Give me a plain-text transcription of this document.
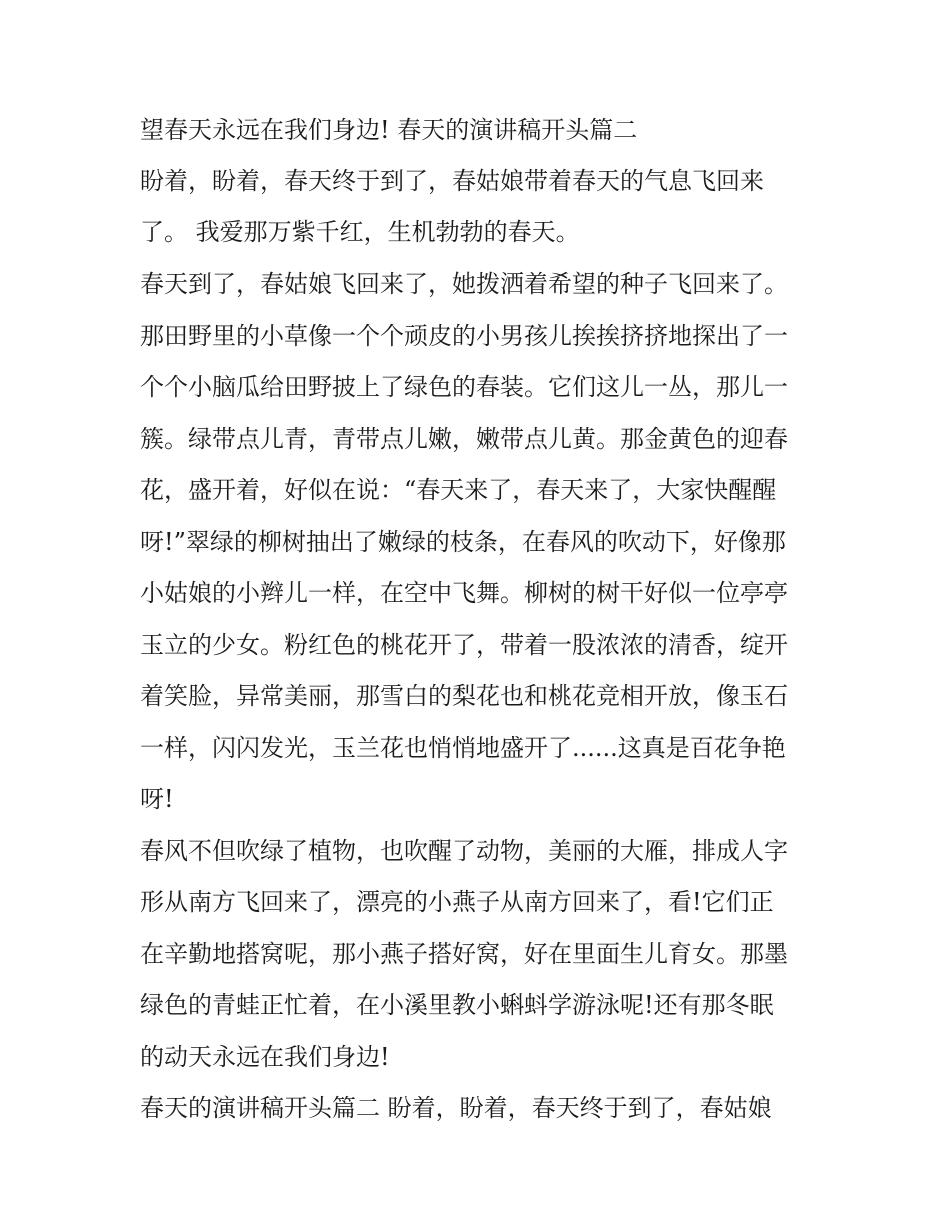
望春天永远在我们身边! 春天的演讲稿开头篇二
盼着，盼着，春天终于到了，春姑娘带着春天的气息飞回来
了。 我爱那万紫千红，生机勃勃的春天。
春天到了，春姑娘飞回来了，她拨洒着希望的种子飞回来了。
那田野里的小草像一个个顽皮的小男孩儿挨挨挤挤地探出了一
个个小脑瓜给田野披上了绿色的春装。它们这儿一丛，那儿一
簇。绿带点儿青，青带点儿嫩，嫩带点儿黄。那金黄色的迎春
花，盛开着，好似在说：“春天来了，春天来了，大家快醒醒
呀!”翠绿的柳树抽出了嫩绿的枝条，在春风的吹动下，好像那
小姑娘的小辫儿一样，在空中飞舞。柳树的树干好似一位亭亭
玉立的少女。粉红色的桃花开了，带着一股浓浓的清香，绽开
着笑脸，异常美丽，那雪白的梨花也和桃花竞相开放，像玉石
一样，闪闪发光，玉兰花也悄悄地盛开了......这真是百花争艳
呀!
春风不但吹绿了植物，也吹醒了动物，美丽的大雁，排成人字
形从南方飞回来了，漂亮的小燕子从南方回来了，看!它们正
在辛勤地搭窝呢，那小燕子搭好窝，好在里面生儿育女。那墨
绿色的青蛙正忙着，在小溪里教小蝌蚪学游泳呢!还有那冬眠
的动天永远在我们身边!
春天的演讲稿开头篇二 盼着，盼着，春天终于到了，春姑娘
